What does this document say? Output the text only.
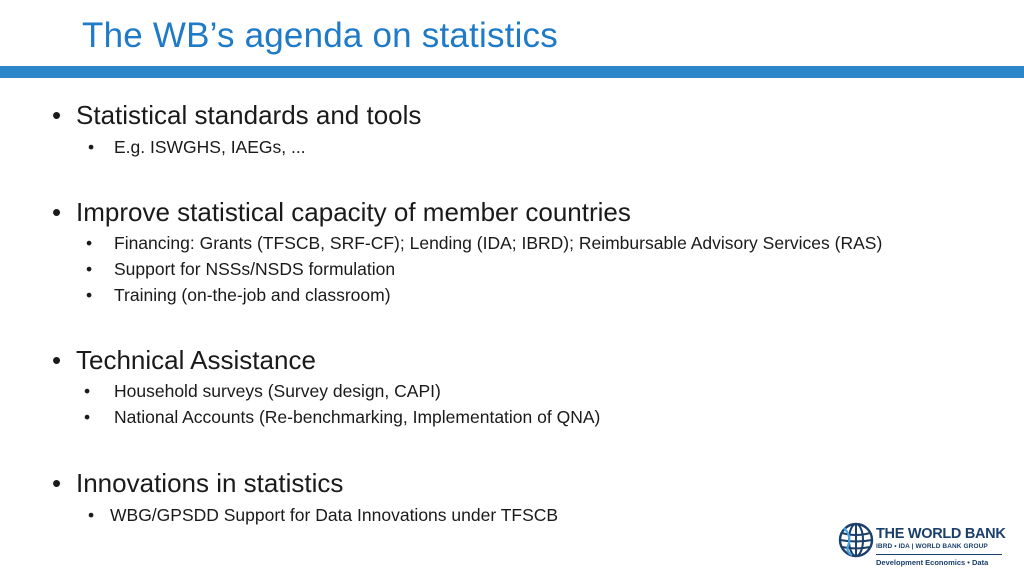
The WB’s agenda on statistics
• Statistical standards and tools
• E.g. ISWGHS, IAEGs, ...
• Improve statistical capacity of member countries
• Financing: Grants (TFSCB, SRF-CF); Lending (IDA; IBRD); Reimbursable Advisory Services (RAS)
• Support for NSSs/NSDS formulation
• Training (on-the-job and classroom)
• Technical Assistance
• Household surveys (Survey design, CAPI)
• National Accounts (Re-benchmarking, Implementation of QNA)
• Innovations in statistics
• WBG/GPSDD Support for Data Innovations under TFSCB
THE WORLD BANK
IBRD • IDA | WORLD BANK GROUP
Development Economics • Data
